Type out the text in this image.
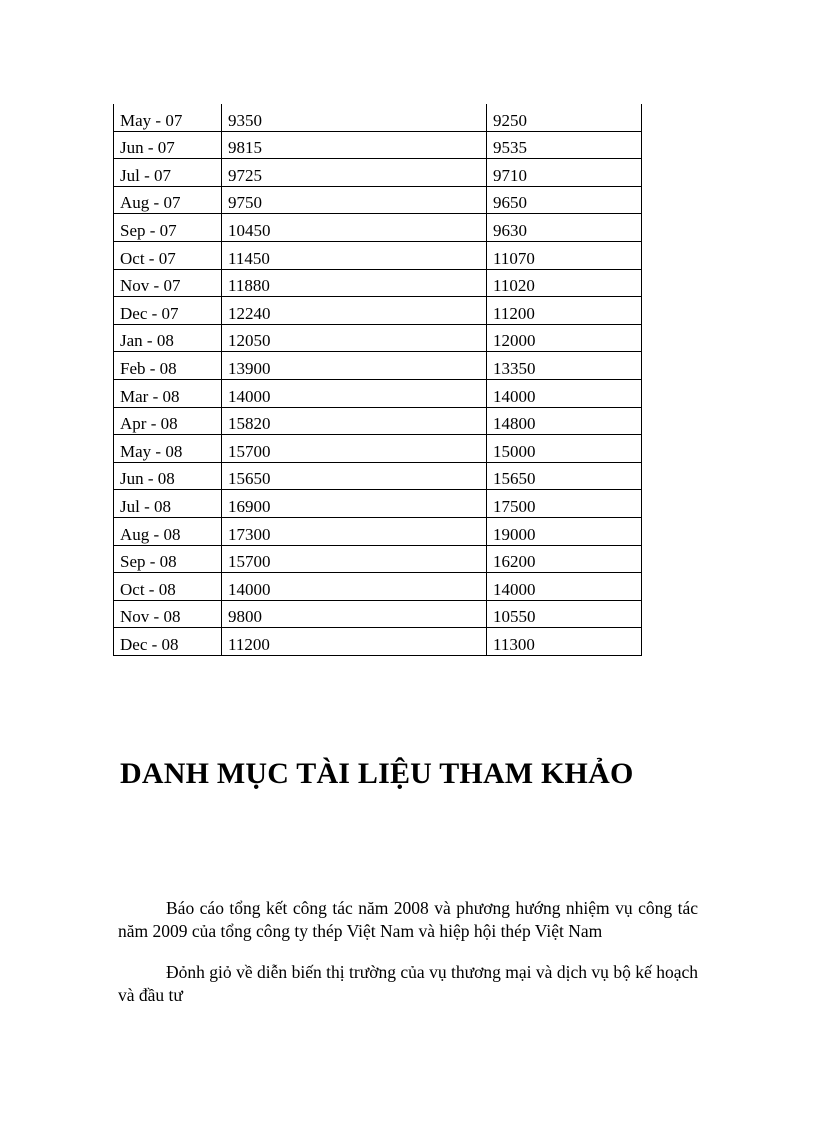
May - 07	9350	9250
Jun - 07	9815	9535
Jul - 07	9725	9710
Aug - 07	9750	9650
Sep - 07	10450	9630
Oct - 07	11450	11070
Nov - 07	11880	11020
Dec - 07	12240	11200
Jan - 08	12050	12000
Feb - 08	13900	13350
Mar - 08	14000	14000
Apr - 08	15820	14800
May - 08	15700	15000
Jun - 08	15650	15650
Jul - 08	16900	17500
Aug - 08	17300	19000
Sep - 08	15700	16200
Oct - 08	14000	14000
Nov - 08	9800	10550
Dec - 08	11200	11300
DANH MỤC TÀI LIỆU THAM KHẢO

Báo cáo tổng kết công tác năm 2008 và phương hướng nhiệm vụ công tác năm 2009 của tổng công ty thép Việt Nam và hiệp hội thép Việt Nam

Đỏnh giỏ về diễn biến thị trường của vụ thương mại và dịch vụ bộ kế hoạch và đầu tư
